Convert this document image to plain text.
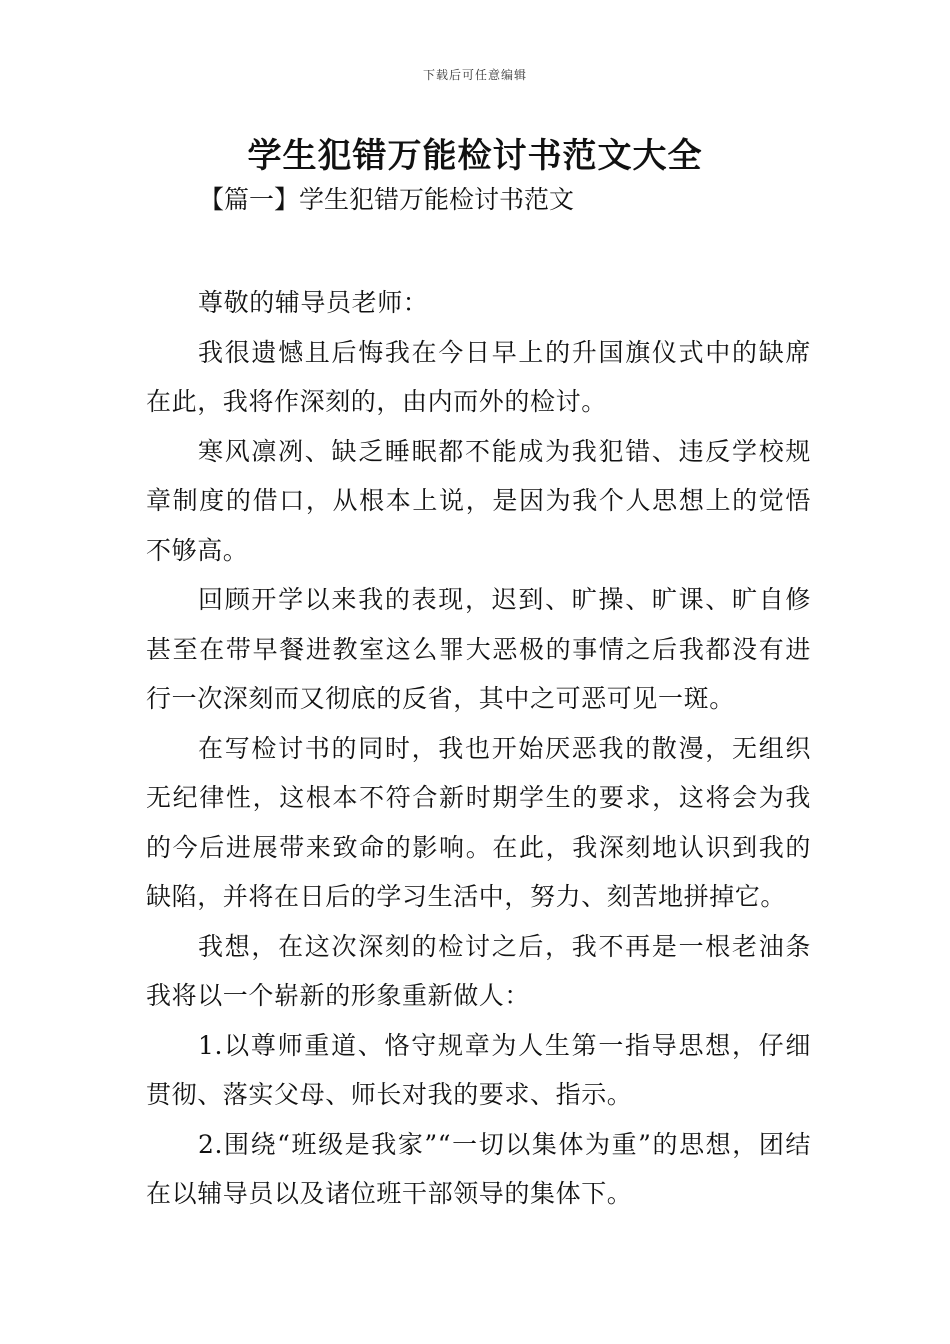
下载后可任意编辑
学生犯错万能检讨书范文大全
【篇一】学生犯错万能检讨书范文

尊敬的辅导员老师：

我很遗憾且后悔我在今日早上的升国旗仪式中的缺席在此，我将作深刻的，由内而外的检讨。

寒风凛冽、缺乏睡眠都不能成为我犯错、违反学校规章制度的借口，从根本上说，是因为我个人思想上的觉悟不够高。

回顾开学以来我的表现，迟到、旷操、旷课、旷自修甚至在带早餐进教室这么罪大恶极的事情之后我都没有进行一次深刻而又彻底的反省，其中之可恶可见一斑。

在写检讨书的同时，我也开始厌恶我的散漫，无组织无纪律性，这根本不符合新时期学生的要求，这将会为我的今后进展带来致命的影响。在此，我深刻地认识到我的缺陷，并将在日后的学习生活中，努力、刻苦地拼掉它。

我想，在这次深刻的检讨之后，我不再是一根老油条我将以一个崭新的形象重新做人：

1.以尊师重道、恪守规章为人生第一指导思想，仔细贯彻、落实父母、师长对我的要求、指示。

2.围绕“班级是我家”“一切以集体为重”的思想，团结在以辅导员以及诸位班干部领导的集体下。
